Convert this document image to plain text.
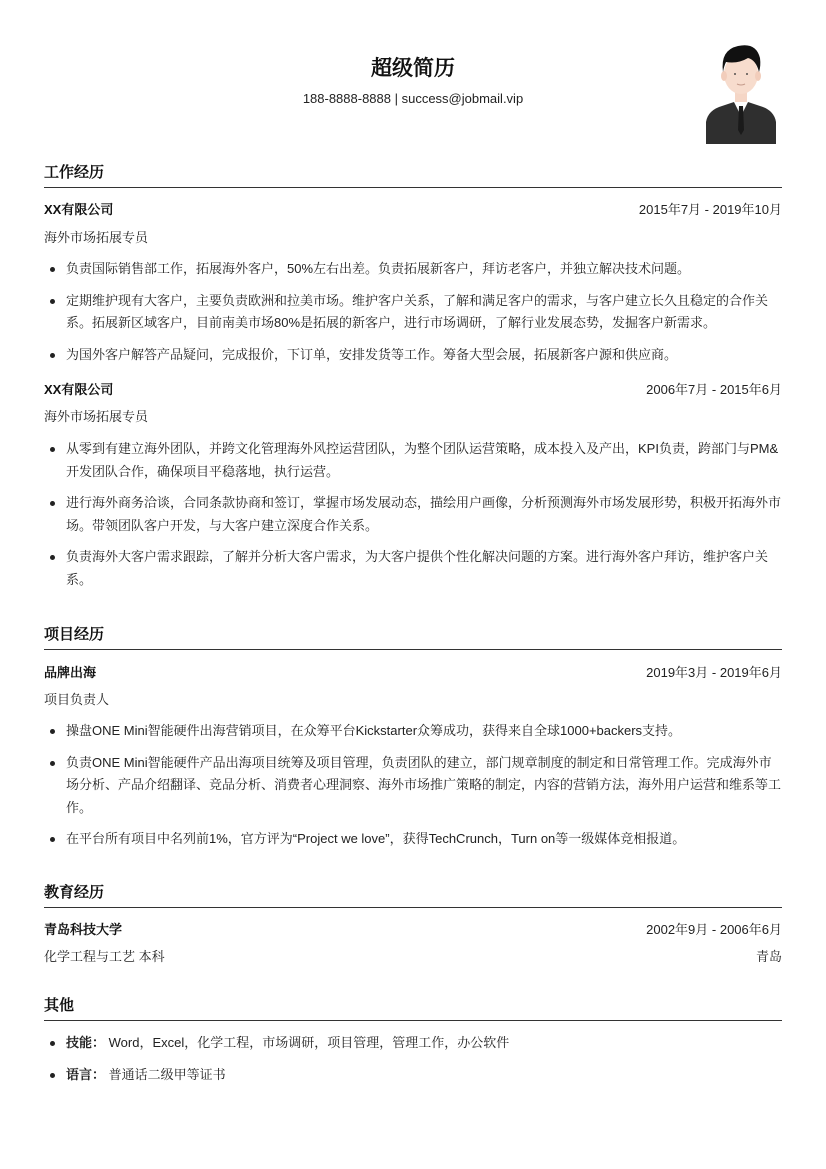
超级简历
188-8888-8888 | success@jobmail.vip
工作经历
XX有限公司	2015年7月 - 2019年10月
海外市场拓展专员
负责国际销售部工作，拓展海外客户，50%左右出差。负责拓展新客户，拜访老客户，并独立解决技术问题。
定期维护现有大客户，主要负责欧洲和拉美市场。维护客户关系，了解和满足客户的需求，与客户建立长久且稳定的合作关系。拓展新区域客户，目前南美市场80%是拓展的新客户，进行市场调研，了解行业发展态势，发掘客户新需求。
为国外客户解答产品疑问，完成报价，下订单，安排发货等工作。筹备大型会展，拓展新客户源和供应商。
XX有限公司	2006年7月 - 2015年6月
海外市场拓展专员
从零到有建立海外团队，并跨文化管理海外风控运营团队，为整个团队运营策略，成本投入及产出，KPI负责，跨部门与PM&开发团队合作，确保项目平稳落地，执行运营。
进行海外商务洽谈，合同条款协商和签订，掌握市场发展动态，描绘用户画像，分析预测海外市场发展形势，积极开拓海外市场。带领团队客户开发，与大客户建立深度合作关系。
负责海外大客户需求跟踪，了解并分析大客户需求，为大客户提供个性化解决问题的方案。进行海外客户拜访，维护客户关系。
项目经历
品牌出海	2019年3月 - 2019年6月
项目负责人
操盘ONE Mini智能硬件出海营销项目，在众筹平台Kickstarter众筹成功，获得来自全球1000+backers支持。
负责ONE Mini智能硬件产品出海项目统筹及项目管理，负责团队的建立，部门规章制度的制定和日常管理工作。完成海外市场分析、产品介绍翻译、竞品分析、消费者心理洞察、海外市场推广策略的制定，内容的营销方法，海外用户运营和维系等工作。
在平台所有项目中名列前1%，官方评为“Project we love”，获得TechCrunch，Turn on等一级媒体竞相报道。
教育经历
青岛科技大学	2002年9月 - 2006年6月
化学工程与工艺 本科	青岛
其他
技能： Word，Excel，化学工程，市场调研，项目管理，管理工作，办公软件
语言： 普通话二级甲等证书
